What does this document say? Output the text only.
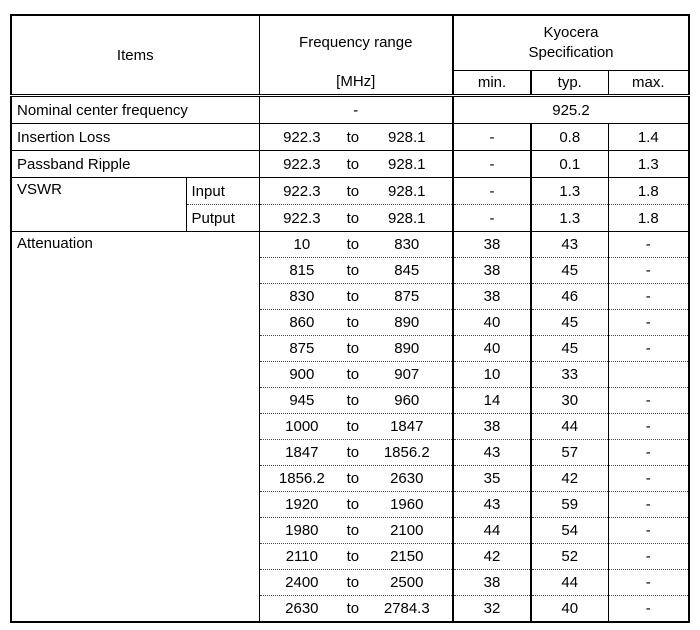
Items	
Frequency range
[MHz]

Kyocera
Specification

			min.	typ.	max.
Nominal center frequency		-	925.2		
Insertion Loss		922.3 to 928.1	-	0.8	1.4
Passband Ripple		922.3 to 928.1	-	0.1	1.3
VSWR	Input	922.3 to 928.1	-	1.3	1.8
	Putput	922.3 to 928.1	-	1.3	1.8
Attenuation		10 to 830	38	43	-
		815 to 845	38	45	-
		830 to 875	38	46	-
		860 to 890	40	45	-
		875 to 890	40	45	-
		900 to 907	10	33	
		945 to 960	14	30	-
		1000 to 1847	38	44	-
		1847 to 1856.2	43	57	-
		1856.2 to 2630	35	42	-
		1920 to 1960	43	59	-
		1980 to 2100	44	54	-
		2110 to 2150	42	52	-
		2400 to 2500	38	44	-
		2630 to 2784.3	32	40	-
